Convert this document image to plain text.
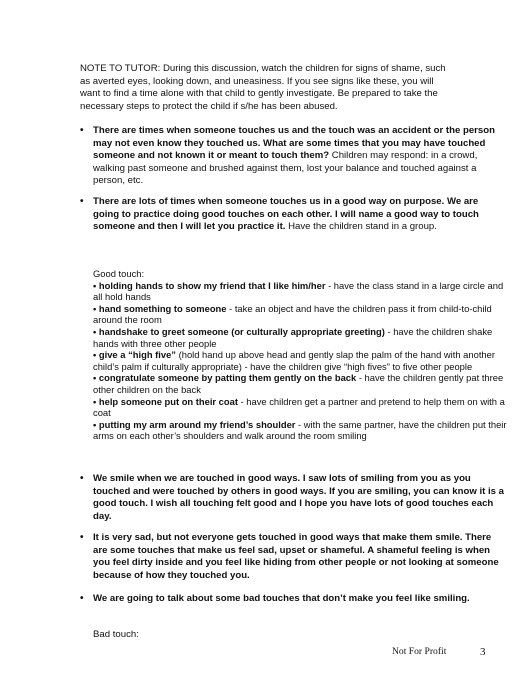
NOTE TO TUTOR: During this discussion, watch the children for signs of shame, such
as averted eyes, looking down, and uneasiness. If you see signs like these, you will
want to find a time alone with that child to gently investigate. Be prepared to take the
necessary steps to protect the child if s/he has been abused.
• There are times when someone touches us and the touch was an accident or the person may not even know they touched us. What are some times that you may have touched someone and not known it or meant to touch them? Children may respond: in a crowd, walking past someone and brushed against them, lost your balance and touched against a person, etc.
• There are lots of times when someone touches us in a good way on purpose. We are going to practice doing good touches on each other. I will name a good way to touch someone and then I will let you practice it. Have the children stand in a group.
Good touch:
• holding hands to show my friend that I like him/her - have the class stand in a large circle and all hold hands
• hand something to someone - take an object and have the children pass it from child-to-child around the room
• handshake to greet someone (or culturally appropriate greeting) - have the children shake hands with three other people
• give a “high five” (hold hand up above head and gently slap the palm of the hand with another child’s palm if culturally appropriate) - have the children give “high fives” to five other people
• congratulate someone by patting them gently on the back - have the children gently pat three other children on the back
• help someone put on their coat - have children get a partner and pretend to help them on with a coat
• putting my arm around my friend’s shoulder - with the same partner, have the children put their arms on each other’s shoulders and walk around the room smiling
• We smile when we are touched in good ways. I saw lots of smiling from you as you touched and were touched by others in good ways. If you are smiling, you can know it is a good touch. I wish all touching felt good and I hope you have lots of good touches each day.
• It is very sad, but not everyone gets touched in good ways that make them smile. There are some touches that make us feel sad, upset or shameful. A shameful feeling is when you feel dirty inside and you feel like hiding from other people or not looking at someone because of how they touched you.
• We are going to talk about some bad touches that don’t make you feel like smiling.
Bad touch:
Not For Profit	3
